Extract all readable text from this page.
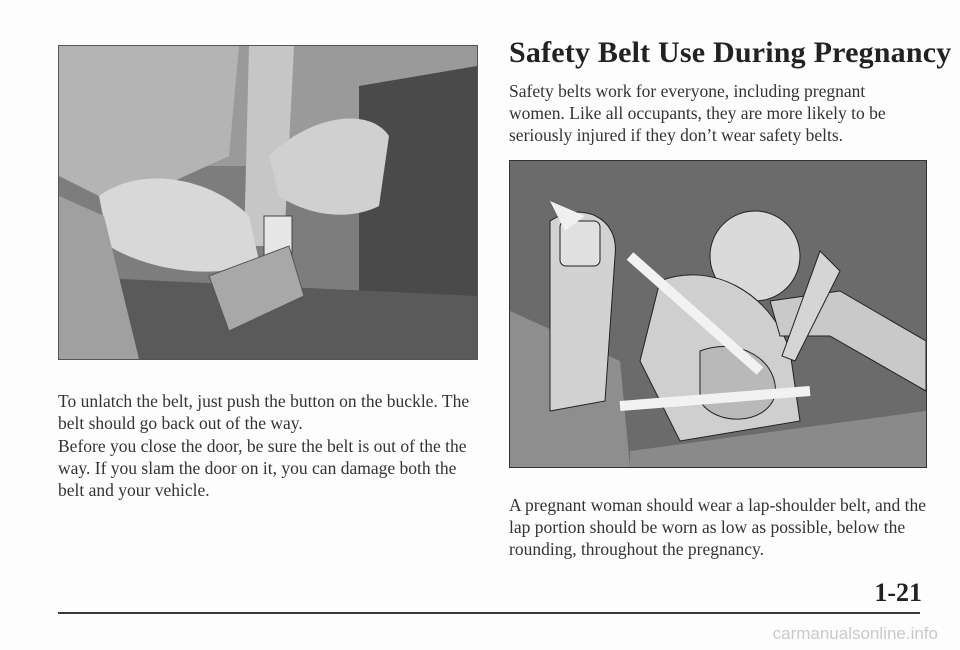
Safety Belt Use During Pregnancy

Safety belts work for everyone, including pregnant women. Like all occupants, they are more likely to be seriously injured if they don’t wear safety belts.

To unlatch the belt, just push the button on the buckle. The belt should go back out of the way.

Before you close the door, be sure the belt is out of the the way. If you slam the door on it, you can damage both the belt and your vehicle.

A pregnant woman should wear a lap-shoulder belt, and the lap portion should be worn as low as possible, below the rounding, throughout the pregnancy.

1-21

carmanualsonline.info
